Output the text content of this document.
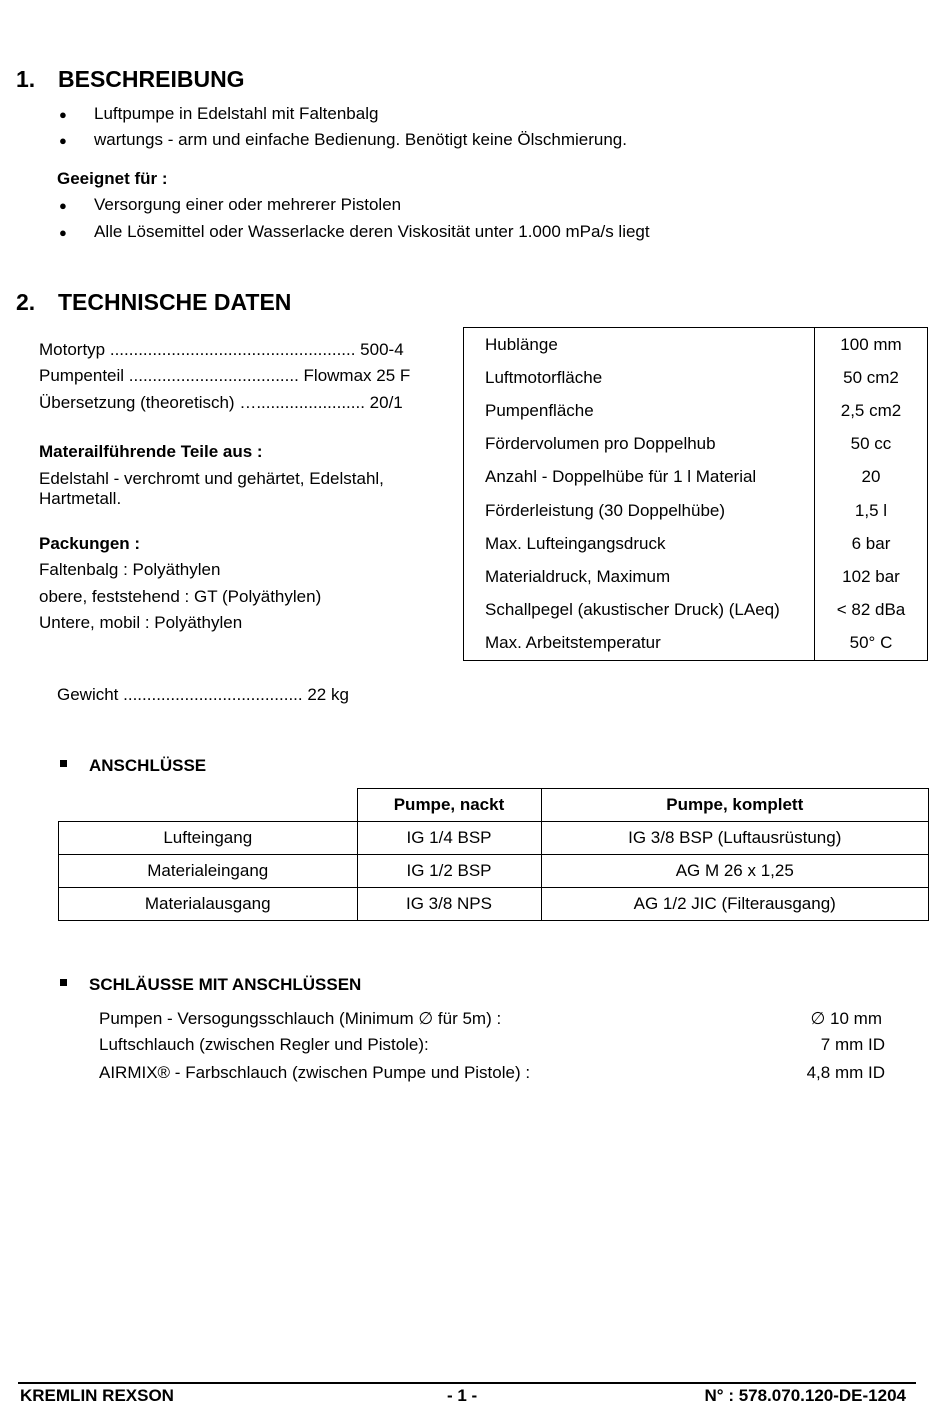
1. BESCHREIBUNG
● Luftpumpe in Edelstahl mit Faltenbalg
● wartungs - arm und einfache Bedienung. Benötigt keine Ölschmierung.
Geeignet für :
● Versorgung einer oder mehrerer Pistolen
● Alle Lösemittel oder Wasserlacke deren Viskosität unter 1.000 mPa/s liegt
2. TECHNISCHE DATEN
Motortyp .................................................... 500-4
Pumpenteil .................................... Flowmax 25 F
Übersetzung (theoretisch) …....................... 20/1
Materailführende Teile aus :
Edelstahl - verchromt und gehärtet, Edelstahl, Hartmetall.
Packungen :
Faltenbalg : Polyäthylen
obere, feststehend : GT (Polyäthylen)
Untere, mobil : Polyäthylen
Hublänge	100 mm
Luftmotorfläche	50 cm2
Pumpenfläche	2,5 cm2
Fördervolumen pro Doppelhub	50 cc
Anzahl - Doppelhübe für 1 l Material	20
Förderleistung (30 Doppelhübe)	1,5 l
Max. Lufteingangsdruck	6 bar
Materialdruck, Maximum	102 bar
Schallpegel (akustischer Druck) (LAeq)	< 82 dBa
Max. Arbeitstemperatur	50° C
Gewicht ...................................... 22 kg
ANSCHLÜSSE
	Pumpe, nackt	Pumpe, komplett
Lufteingang	IG 1/4 BSP	IG 3/8 BSP (Luftausrüstung)
Materialeingang	IG 1/2 BSP	AG M 26 x 1,25
Materialausgang	IG 3/8 NPS	AG 1/2 JIC (Filterausgang)
SCHLÄUSSE MIT ANSCHLÜSSEN
Pumpen - Versogungsschlauch (Minimum ∅ für 5m) :	∅ 10 mm
Luftschlauch (zwischen Regler und Pistole):	7 mm ID
AIRMIX® - Farbschlauch (zwischen Pumpe und Pistole) :	4,8 mm ID
KREMLIN REXSON	- 1 -	N° : 578.070.120-DE-1204
